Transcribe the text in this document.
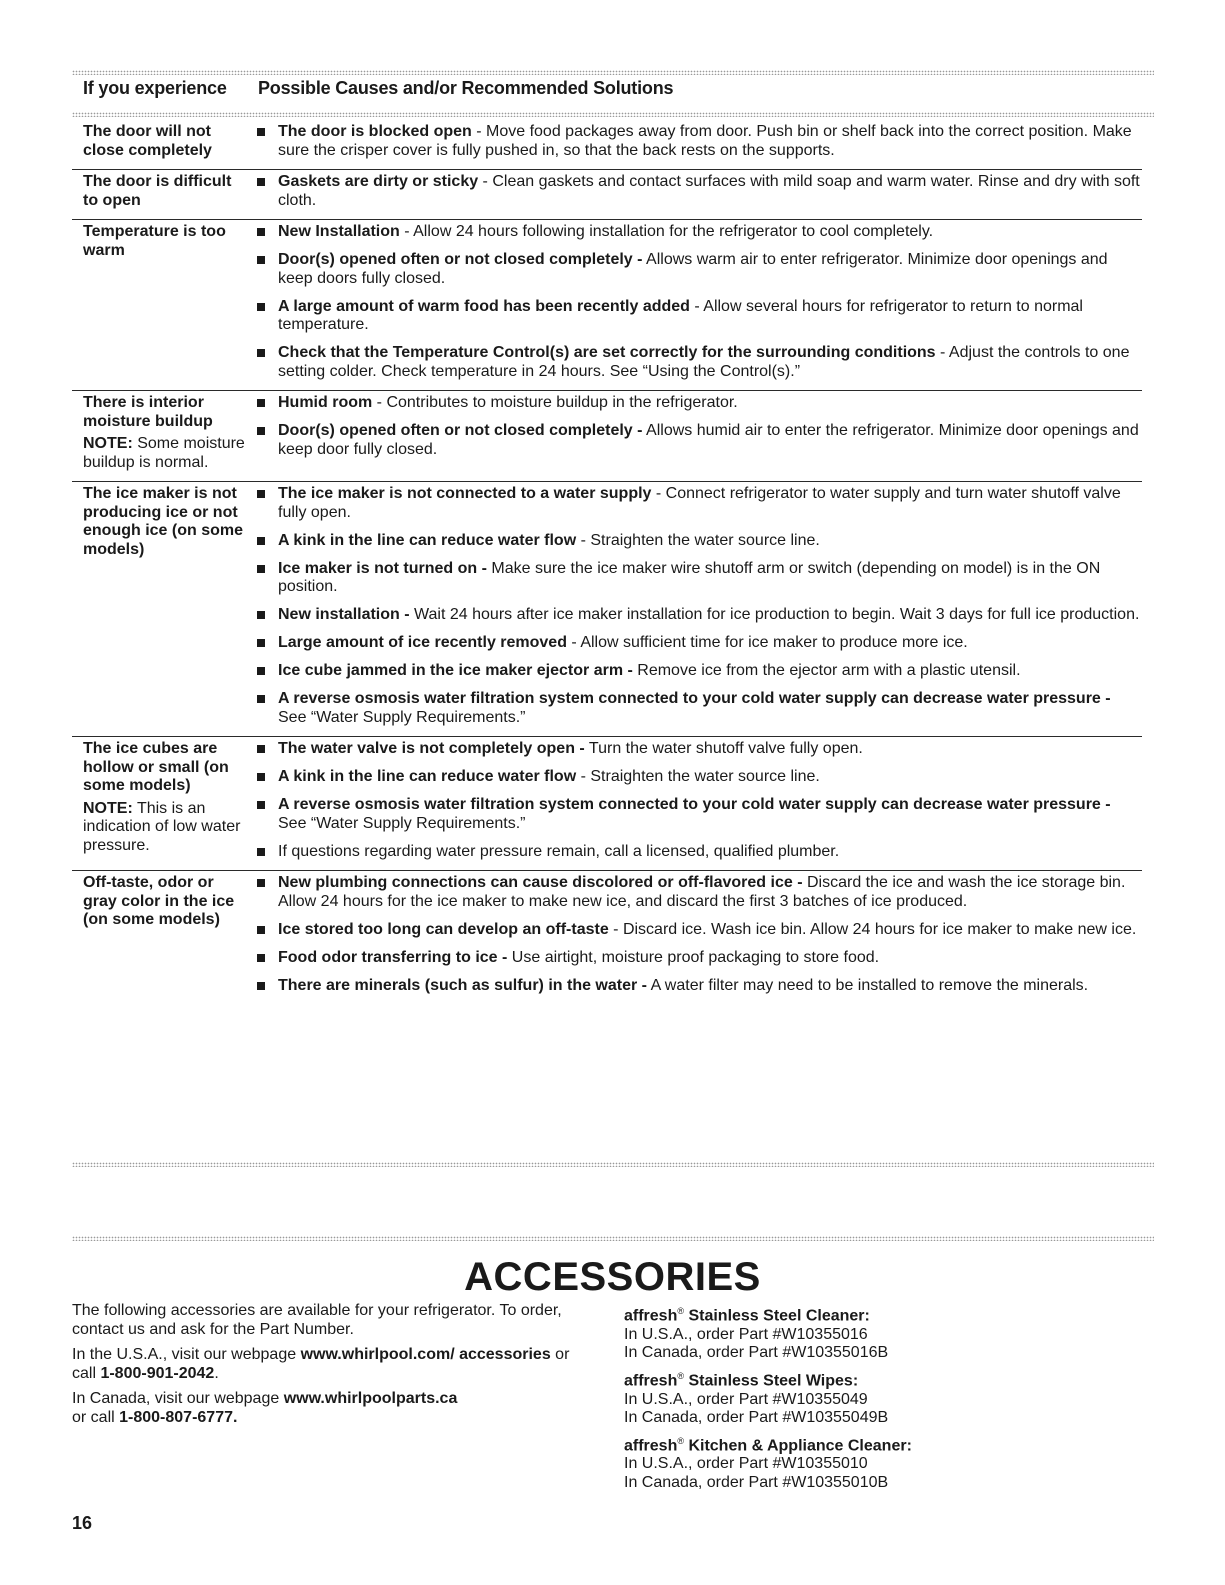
If you experience Possible Causes and/or Recommended Solutions
The door will not close completely
The door is blocked open - Move food packages away from door. Push bin or shelf back into the correct position. Make sure the crisper cover is fully pushed in, so that the back rests on the supports.
The door is difficult to open
Gaskets are dirty or sticky - Clean gaskets and contact surfaces with mild soap and warm water. Rinse and dry with soft cloth.
Temperature is too warm
New Installation - Allow 24 hours following installation for the refrigerator to cool completely.
Door(s) opened often or not closed completely - Allows warm air to enter refrigerator. Minimize door openings and keep doors fully closed.
A large amount of warm food has been recently added - Allow several hours for refrigerator to return to normal temperature.
Check that the Temperature Control(s) are set correctly for the surrounding conditions - Adjust the controls to one setting colder. Check temperature in 24 hours. See “Using the Control(s).”
There is interior moisture buildup
NOTE: Some moisture buildup is normal.
Humid room - Contributes to moisture buildup in the refrigerator.
Door(s) opened often or not closed completely - Allows humid air to enter the refrigerator. Minimize door openings and keep door fully closed.
The ice maker is not producing ice or not enough ice (on some models)
The ice maker is not connected to a water supply - Connect refrigerator to water supply and turn water shutoff valve fully open.
A kink in the line can reduce water flow - Straighten the water source line.
Ice maker is not turned on - Make sure the ice maker wire shutoff arm or switch (depending on model) is in the ON position.
New installation - Wait 24 hours after ice maker installation for ice production to begin. Wait 3 days for full ice production.
Large amount of ice recently removed - Allow sufficient time for ice maker to produce more ice.
Ice cube jammed in the ice maker ejector arm - Remove ice from the ejector arm with a plastic utensil.
A reverse osmosis water filtration system connected to your cold water supply can decrease water pressure - See “Water Supply Requirements.”
The ice cubes are hollow or small (on some models)
NOTE: This is an indication of low water pressure.
The water valve is not completely open - Turn the water shutoff valve fully open.
A kink in the line can reduce water flow - Straighten the water source line.
A reverse osmosis water filtration system connected to your cold water supply can decrease water pressure - See “Water Supply Requirements.”
If questions regarding water pressure remain, call a licensed, qualified plumber.
Off-taste, odor or gray color in the ice (on some models)
New plumbing connections can cause discolored or off-flavored ice - Discard the ice and wash the ice storage bin. Allow 24 hours for the ice maker to make new ice, and discard the first 3 batches of ice produced.
Ice stored too long can develop an off-taste - Discard ice. Wash ice bin. Allow 24 hours for ice maker to make new ice.
Food odor transferring to ice - Use airtight, moisture proof packaging to store food.
There are minerals (such as sulfur) in the water - A water filter may need to be installed to remove the minerals.
ACCESSORIES

The following accessories are available for your refrigerator. To order, contact us and ask for the Part Number.

In the U.S.A., visit our webpage www.whirlpool.com/ accessories or call 1-800-901-2042.

In Canada, visit our webpage www.whirlpoolparts.ca
or call 1-800-807-6777.

affresh® Stainless Steel Cleaner:
In U.S.A., order Part #W10355016
In Canada, order Part #W10355016B
affresh® Stainless Steel Wipes:
In U.S.A., order Part #W10355049
In Canada, order Part #W10355049B
affresh® Kitchen & Appliance Cleaner:
In U.S.A., order Part #W10355010
In Canada, order Part #W10355010B
16
